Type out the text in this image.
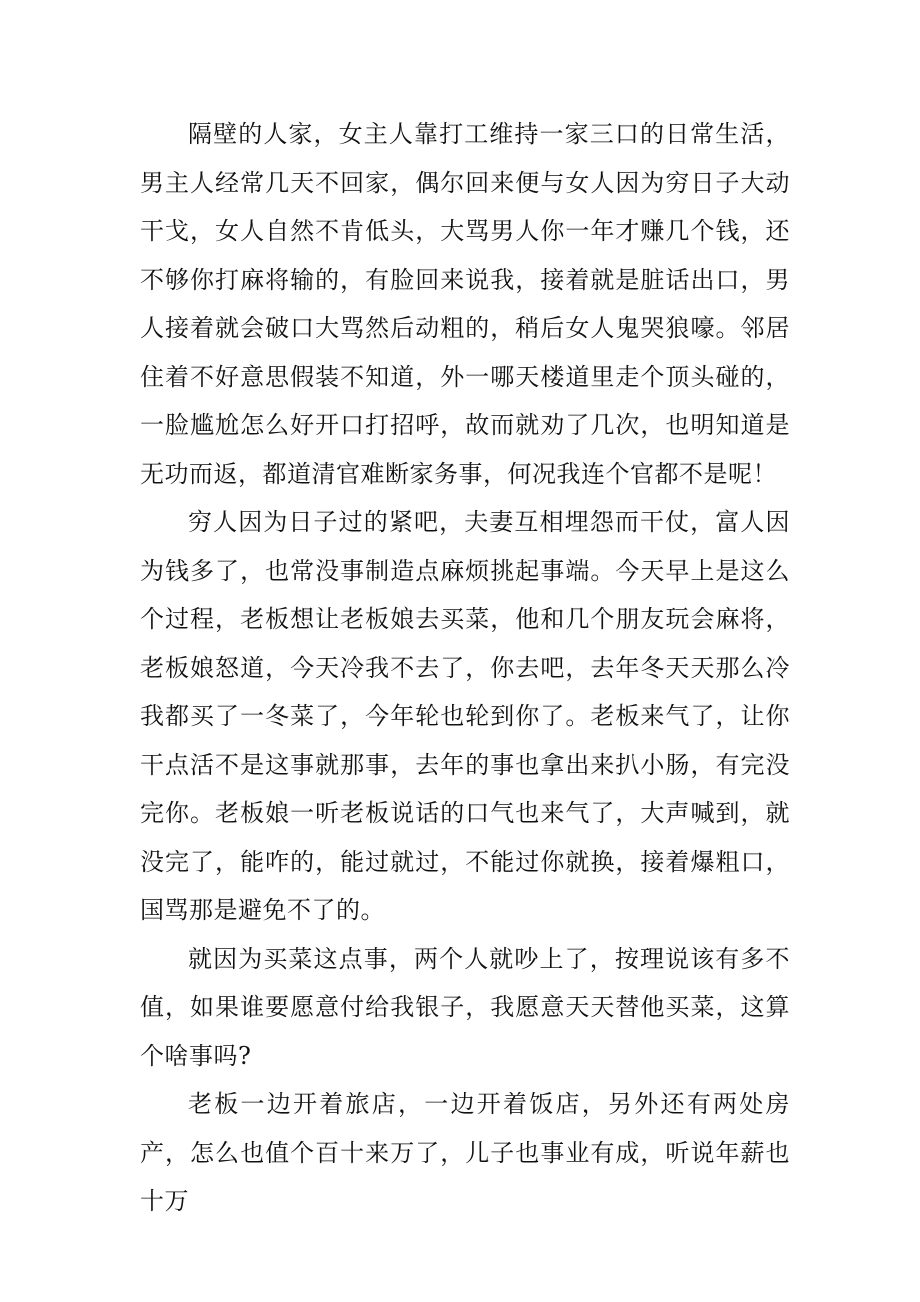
隔壁的人家，女主人靠打工维持一家三口的日常生活，男主人经常几天不回家，偶尔回来便与女人因为穷日子大动干戈，女人自然不肯低头，大骂男人你一年才赚几个钱，还不够你打麻将输的，有脸回来说我，接着就是脏话出口，男人接着就会破口大骂然后动粗的，稍后女人鬼哭狼嚎。邻居住着不好意思假装不知道，外一哪天楼道里走个顶头碰的，一脸尴尬怎么好开口打招呼，故而就劝了几次，也明知道是无功而返，都道清官难断家务事，何况我连个官都不是呢！

穷人因为日子过的紧吧，夫妻互相埋怨而干仗，富人因为钱多了，也常没事制造点麻烦挑起事端。今天早上是这么个过程，老板想让老板娘去买菜，他和几个朋友玩会麻将，老板娘怒道，今天冷我不去了，你去吧，去年冬天天那么冷我都买了一冬菜了，今年轮也轮到你了。老板来气了，让你干点活不是这事就那事，去年的事也拿出来扒小肠，有完没完你。老板娘一听老板说话的口气也来气了，大声喊到，就没完了，能咋的，能过就过，不能过你就换，接着爆粗口，国骂那是避免不了的。

就因为买菜这点事，两个人就吵上了，按理说该有多不值，如果谁要愿意付给我银子，我愿意天天替他买菜，这算个啥事吗?

老板一边开着旅店，一边开着饭店，另外还有两处房产，怎么也值个百十来万了，儿子也事业有成，听说年薪也十万
